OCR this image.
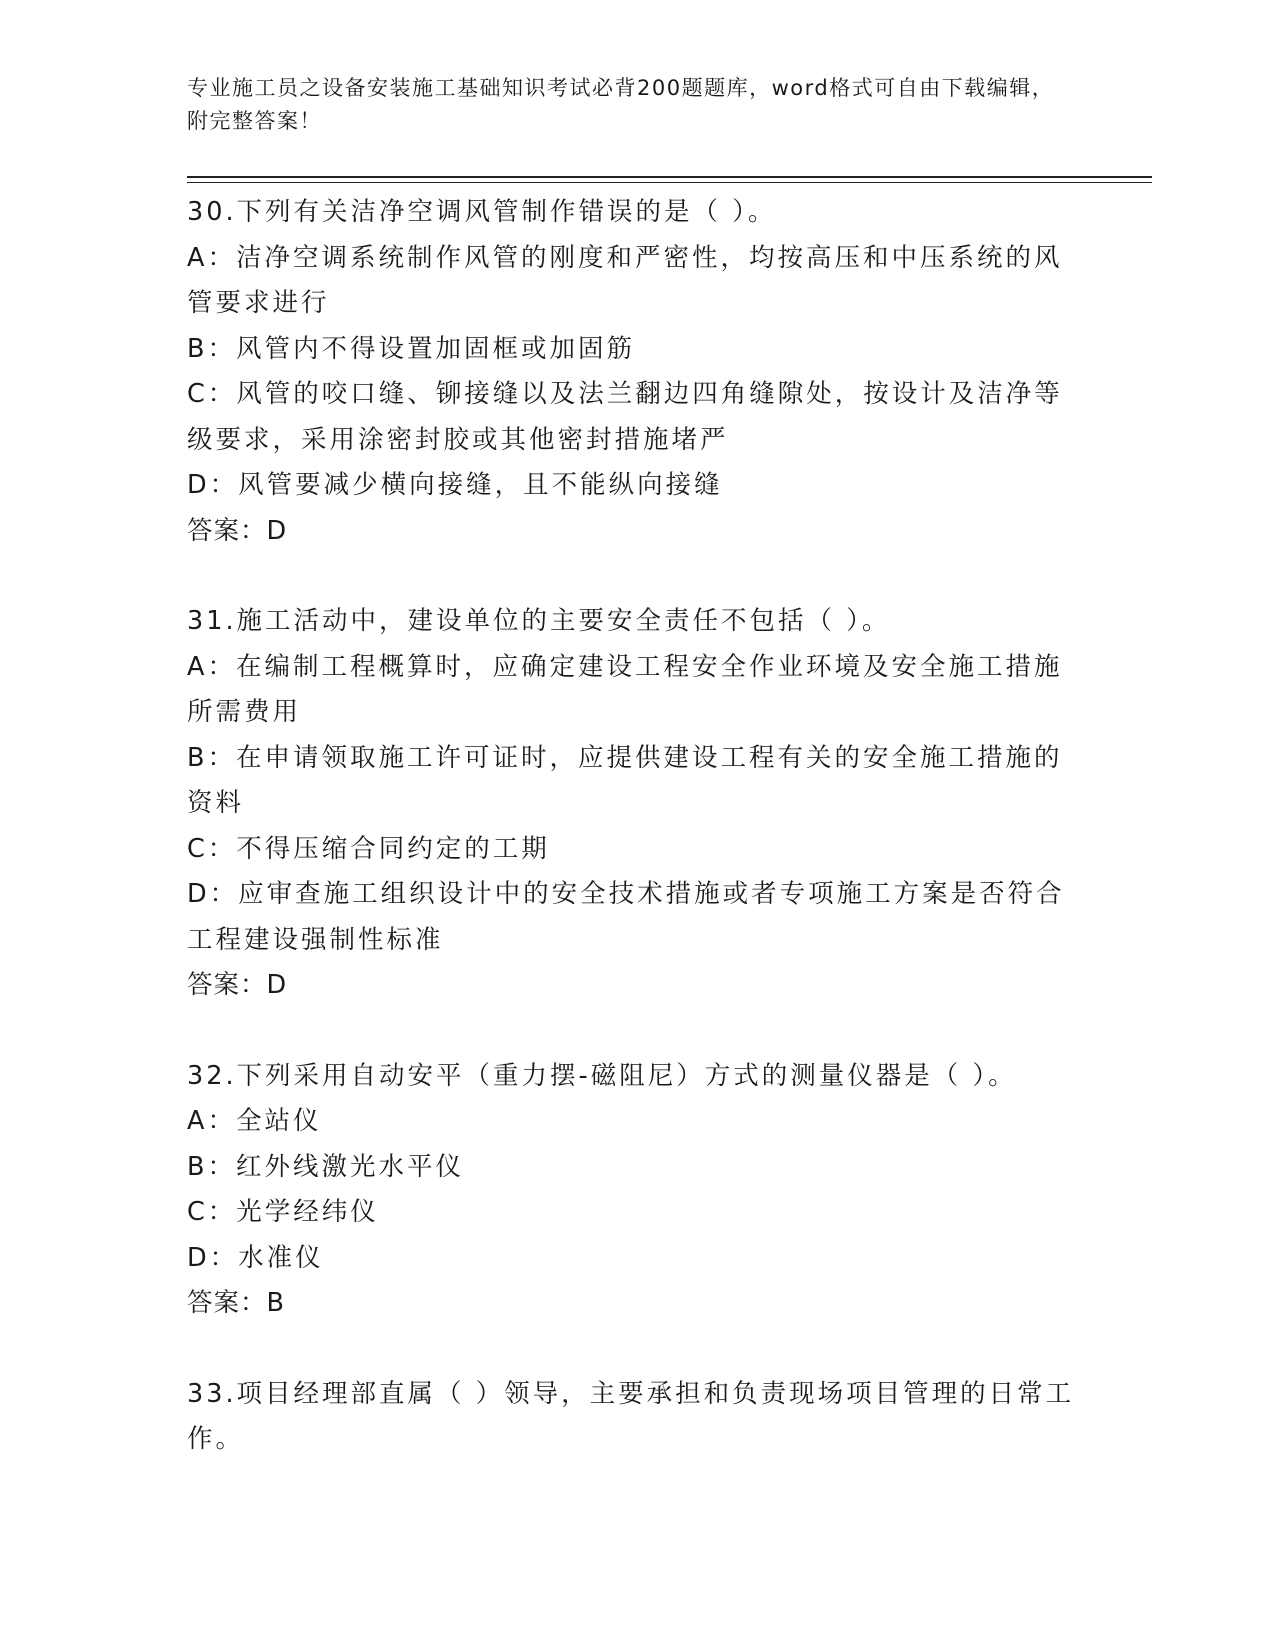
专业施工员之设备安装施工基础知识考试必背200题题库，word格式可自由下载编辑，附完整答案！

30.下列有关洁净空调风管制作错误的是（ ）。

A：洁净空调系统制作风管的刚度和严密性，均按高压和中压系统的风管要求进行

B：风管内不得设置加固框或加固筋

C：风管的咬口缝、铆接缝以及法兰翻边四角缝隙处，按设计及洁净等级要求，采用涂密封胶或其他密封措施堵严

D：风管要减少横向接缝，且不能纵向接缝

答案：D

31.施工活动中，建设单位的主要安全责任不包括（ ）。

A：在编制工程概算时，应确定建设工程安全作业环境及安全施工措施所需费用

B：在申请领取施工许可证时，应提供建设工程有关的安全施工措施的资料

C：不得压缩合同约定的工期

D：应审查施工组织设计中的安全技术措施或者专项施工方案是否符合工程建设强制性标准

答案：D

32.下列采用自动安平（重力摆-磁阻尼）方式的测量仪器是（ ）。

A：全站仪

B：红外线激光水平仪

C：光学经纬仪

D：水准仪

答案：B

33.项目经理部直属（ ）领导，主要承担和负责现场项目管理的日常工作。
